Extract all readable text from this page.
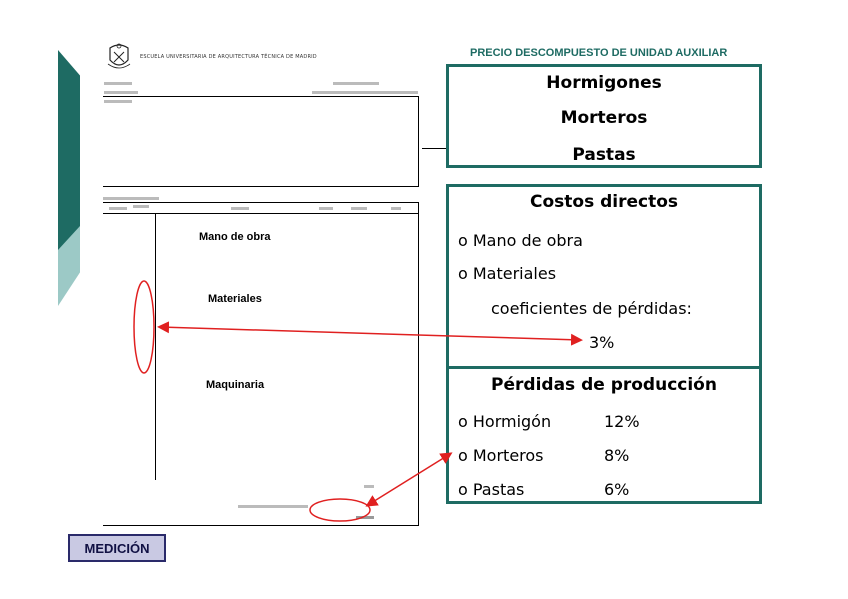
ESCUELA UNIVERSITARIA DE ARQUITECTURA TÉCNICA DE MADRID
Mano de obra
Materiales
Maquinaria
PRECIO DESCOMPUESTO DE UNIDAD AUXILIAR
Hormigones
Morteros
Pastas
Costos directos
o Mano de obra
o Materiales
coeficientes de pérdidas:
3%
Pérdidas de producción
o Hormigón	12%
o Morteros	8%
o Pastas	6%
MEDICIÓN
